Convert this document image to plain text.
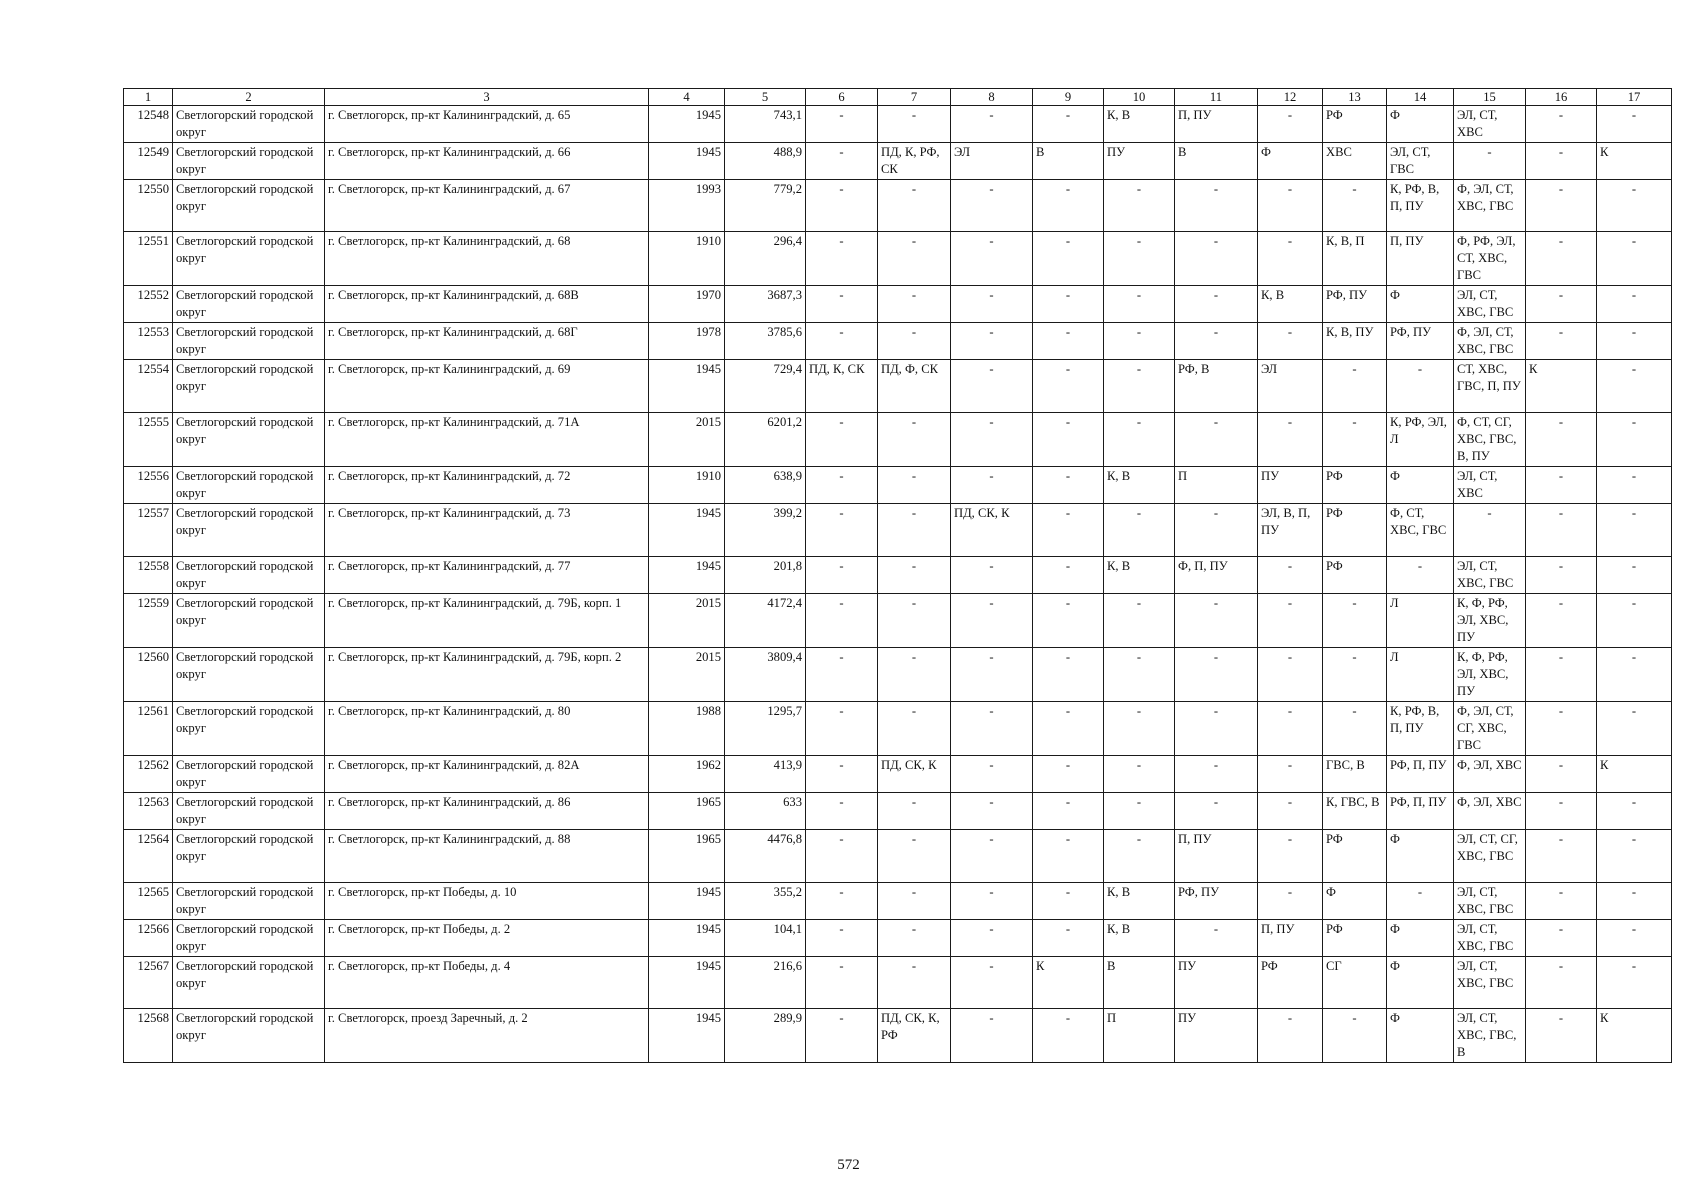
1	2	3	4	5	6	7	8	9	10	11	12	13	14	15	16	17
12548	Светлогорский городской округ	г. Светлогорск, пр-кт Калининградский, д. 65	1945	743,1	-	-	-	-	К, В	П, ПУ	-	РФ	Ф	ЭЛ, СТ, ХВС	-	-
12549	Светлогорский городской округ	г. Светлогорск, пр-кт Калининградский, д. 66	1945	488,9	-	ПД, К, РФ, СК	ЭЛ	В	ПУ	В	Ф	ХВС	ЭЛ, СТ, ГВС	-	-	К
12550	Светлогорский городской округ	г. Светлогорск, пр-кт Калининградский, д. 67	1993	779,2	-	-	-	-	-	-	-	-	К, РФ, В, П, ПУ	Ф, ЭЛ, СТ, ХВС, ГВС	-	-
12551	Светлогорский городской округ	г. Светлогорск, пр-кт Калининградский, д. 68	1910	296,4	-	-	-	-	-	-	-	К, В, П	П, ПУ	Ф, РФ, ЭЛ, СТ, ХВС, ГВС	-	-
12552	Светлогорский городской округ	г. Светлогорск, пр-кт Калининградский, д. 68В	1970	3687,3	-	-	-	-	-	-	К, В	РФ, ПУ	Ф	ЭЛ, СТ, ХВС, ГВС	-	-
12553	Светлогорский городской округ	г. Светлогорск, пр-кт Калининградский, д. 68Г	1978	3785,6	-	-	-	-	-	-	-	К, В, ПУ	РФ, ПУ	Ф, ЭЛ, СТ, ХВС, ГВС	-	-
12554	Светлогорский городской округ	г. Светлогорск, пр-кт Калининградский, д. 69	1945	729,4	ПД, К, СК	ПД, Ф, СК	-	-	-	РФ, В	ЭЛ	-	-	СТ, ХВС, ГВС, П, ПУ	К	-
12555	Светлогорский городской округ	г. Светлогорск, пр-кт Калининградский, д. 71А	2015	6201,2	-	-	-	-	-	-	-	-	К, РФ, ЭЛ, Л	Ф, СТ, СГ, ХВС, ГВС, В, ПУ	-	-
12556	Светлогорский городской округ	г. Светлогорск, пр-кт Калининградский, д. 72	1910	638,9	-	-	-	-	К, В	П	ПУ	РФ	Ф	ЭЛ, СТ, ХВС	-	-
12557	Светлогорский городской округ	г. Светлогорск, пр-кт Калининградский, д. 73	1945	399,2	-	-	ПД, СК, К	-	-	-	ЭЛ, В, П, ПУ	РФ	Ф, СТ, ХВС, ГВС	-	-	-
12558	Светлогорский городской округ	г. Светлогорск, пр-кт Калининградский, д. 77	1945	201,8	-	-	-	-	К, В	Ф, П, ПУ	-	РФ	-	ЭЛ, СТ, ХВС, ГВС	-	-
12559	Светлогорский городской округ	г. Светлогорск, пр-кт Калининградский, д. 79Б, корп. 1	2015	4172,4	-	-	-	-	-	-	-	-	Л	К, Ф, РФ, ЭЛ, ХВС, ПУ	-	-
12560	Светлогорский городской округ	г. Светлогорск, пр-кт Калининградский, д. 79Б, корп. 2	2015	3809,4	-	-	-	-	-	-	-	-	Л	К, Ф, РФ, ЭЛ, ХВС, ПУ	-	-
12561	Светлогорский городской округ	г. Светлогорск, пр-кт Калининградский, д. 80	1988	1295,7	-	-	-	-	-	-	-	-	К, РФ, В, П, ПУ	Ф, ЭЛ, СТ, СГ, ХВС, ГВС	-	-
12562	Светлогорский городской округ	г. Светлогорск, пр-кт Калининградский, д. 82А	1962	413,9	-	ПД, СК, К	-	-	-	-	-	ГВС, В	РФ, П, ПУ	Ф, ЭЛ, ХВС	-	К
12563	Светлогорский городской округ	г. Светлогорск, пр-кт Калининградский, д. 86	1965	633	-	-	-	-	-	-	-	К, ГВС, В	РФ, П, ПУ	Ф, ЭЛ, ХВС	-	-
12564	Светлогорский городской округ	г. Светлогорск, пр-кт Калининградский, д. 88	1965	4476,8	-	-	-	-	-	П, ПУ	-	РФ	Ф	ЭЛ, СТ, СГ, ХВС, ГВС	-	-
12565	Светлогорский городской округ	г. Светлогорск, пр-кт Победы, д. 10	1945	355,2	-	-	-	-	К, В	РФ, ПУ	-	Ф	-	ЭЛ, СТ, ХВС, ГВС	-	-
12566	Светлогорский городской округ	г. Светлогорск, пр-кт Победы, д. 2	1945	104,1	-	-	-	-	К, В	-	П, ПУ	РФ	Ф	ЭЛ, СТ, ХВС, ГВС	-	-
12567	Светлогорский городской округ	г. Светлогорск, пр-кт Победы, д. 4	1945	216,6	-	-	-	К	В	ПУ	РФ	СГ	Ф	ЭЛ, СТ, ХВС, ГВС	-	-
12568	Светлогорский городской округ	г. Светлогорск, проезд Заречный, д. 2	1945	289,9	-	ПД, СК, К, РФ	-	-	П	ПУ	-	-	Ф	ЭЛ, СТ, ХВС, ГВС, В	-	К
572
